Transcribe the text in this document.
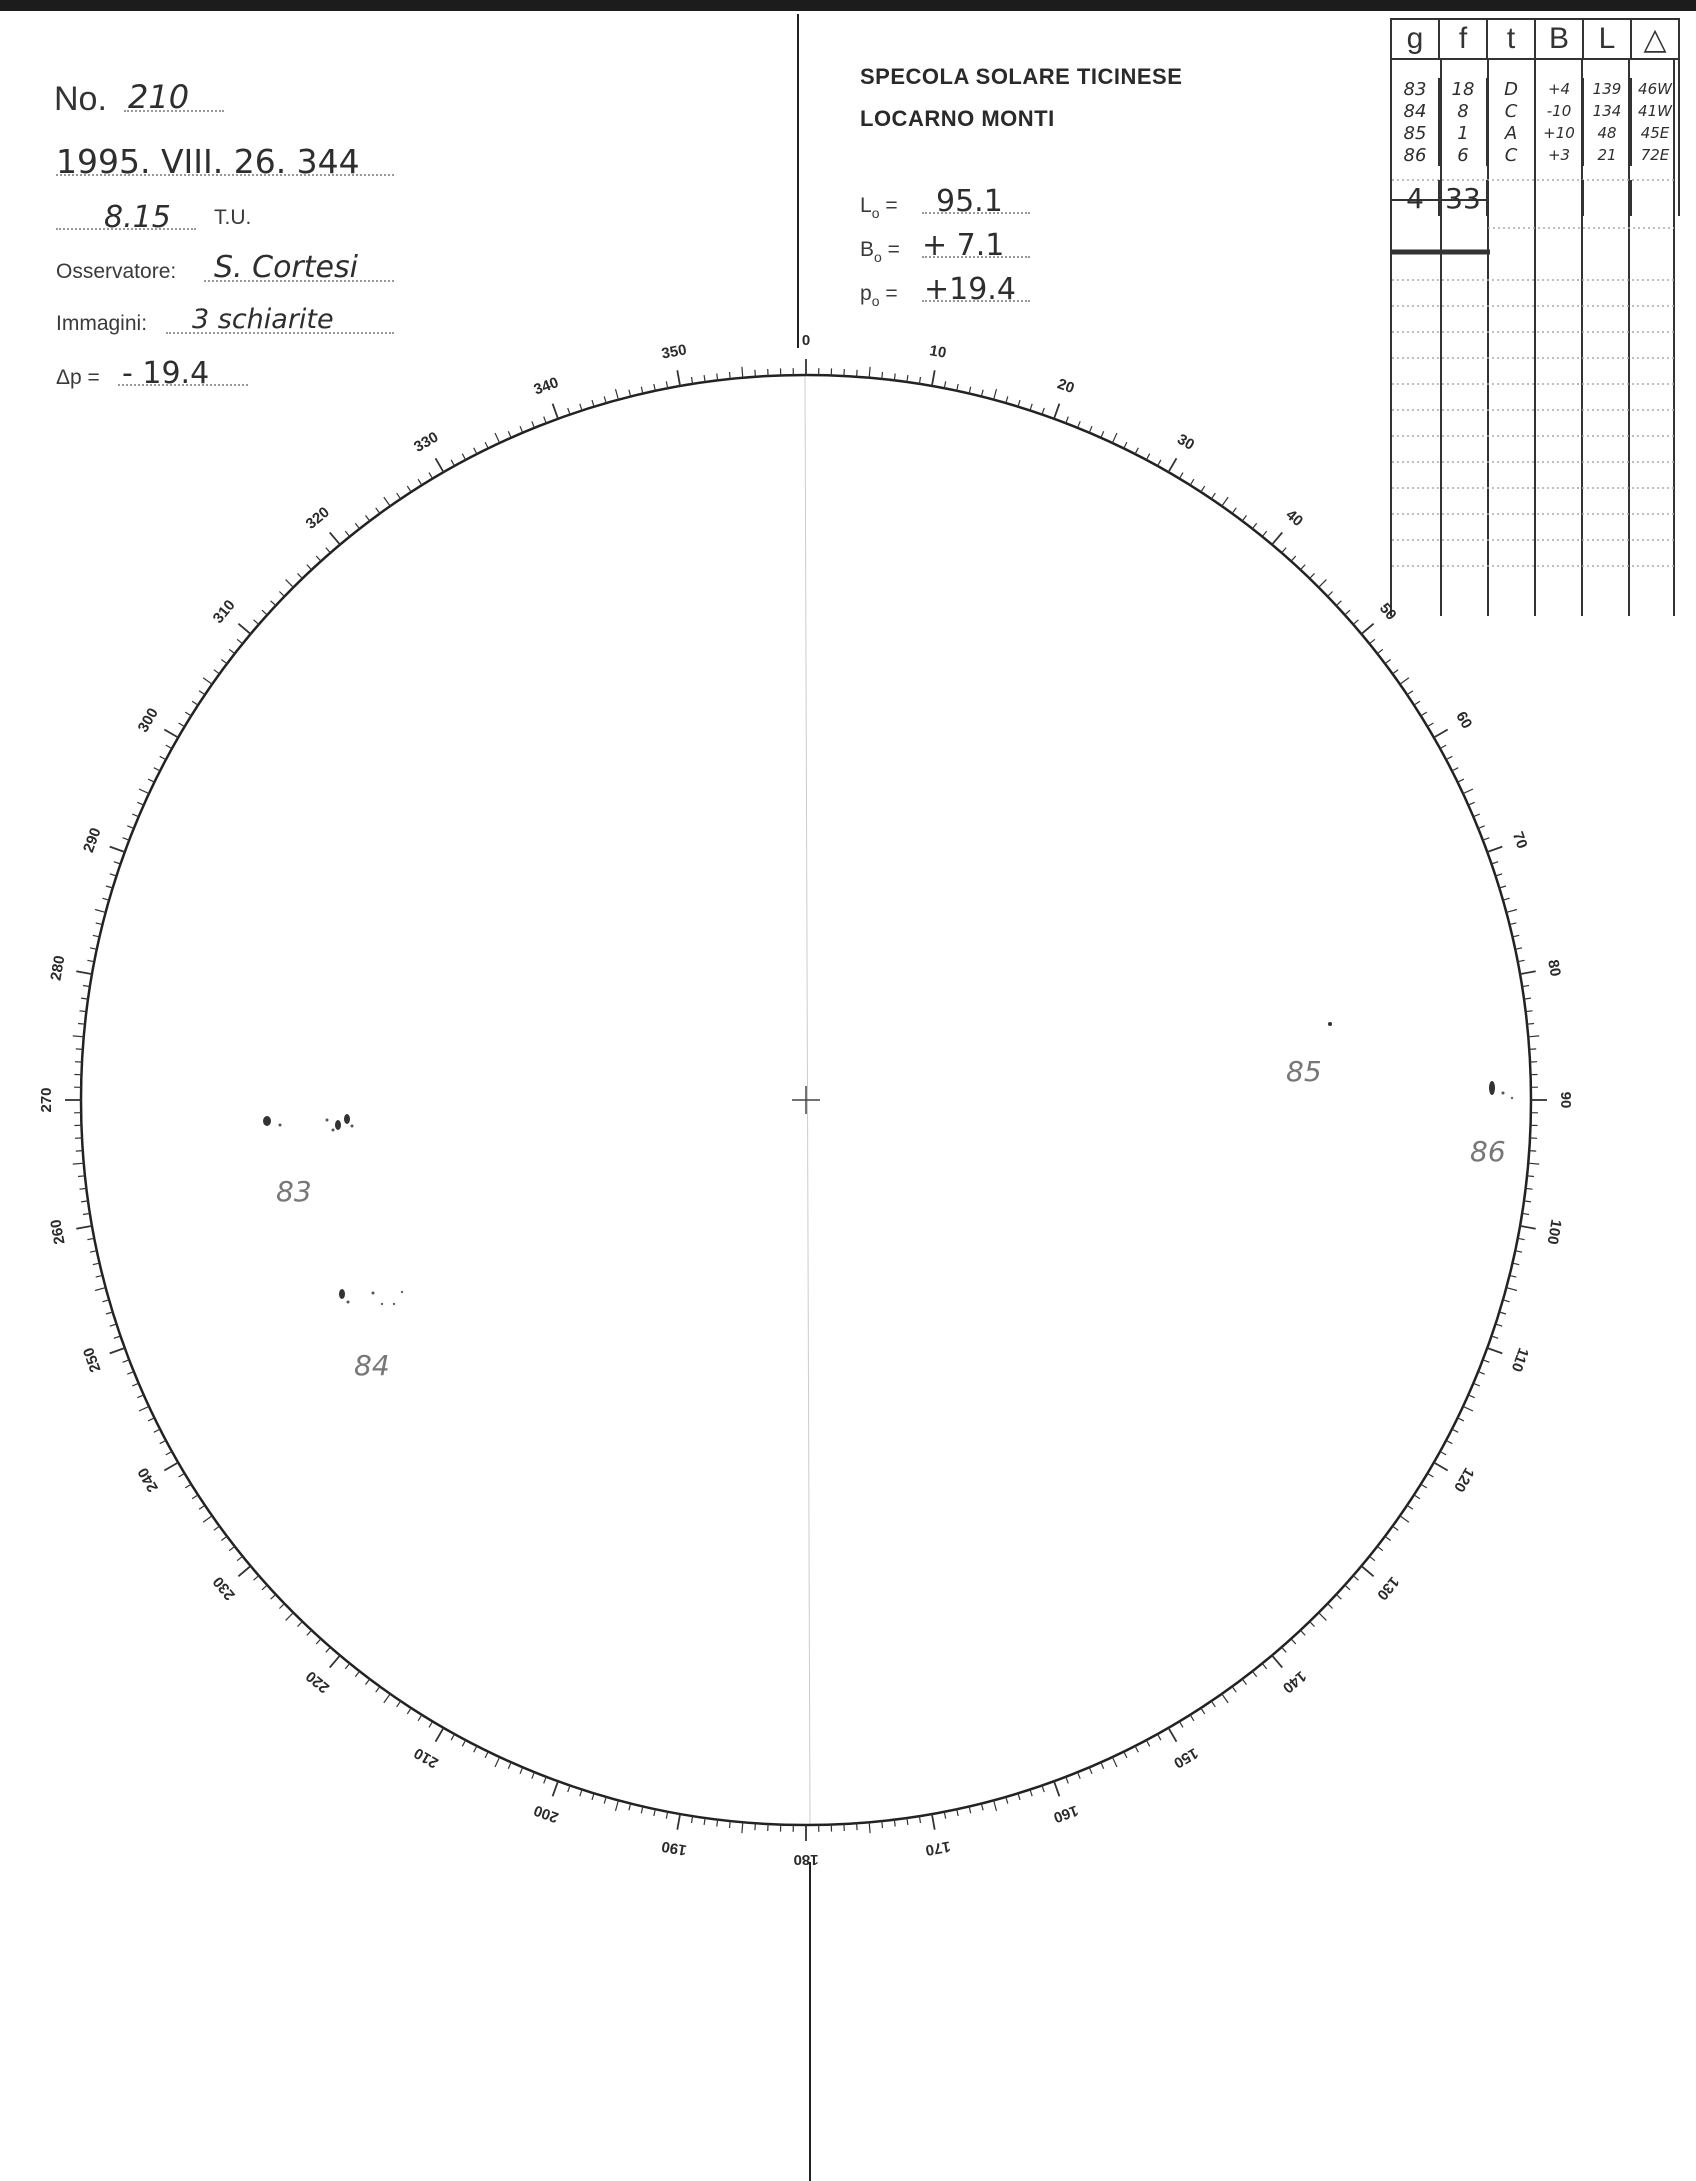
No. 210
1995. VIII. 26. 344
8.15 T.U.
Osservatore: S. Cortesi
Immagini: 3 schiarite
Δp = - 19.4
SPECOLA SOLARE TICINESE
LOCARNO MONTI
$L_o = 95.1$
$B_o$ = + 7.1
$p_o = +19.4$
g	f	t	B	L	△

83	18	D	+4	139	46W
84	8	C	-10	134	41W
85	1	A	+10	48	45E
86	6	C	+3	21	72E

4	33				
0
10
20
30
40
50
60
70
80
90
100
110
120
130
140
150
160
170
180
190
200
210
220
230
240
250
260
270
280
290
300
310
320
330
340
350
83
84
85
86
